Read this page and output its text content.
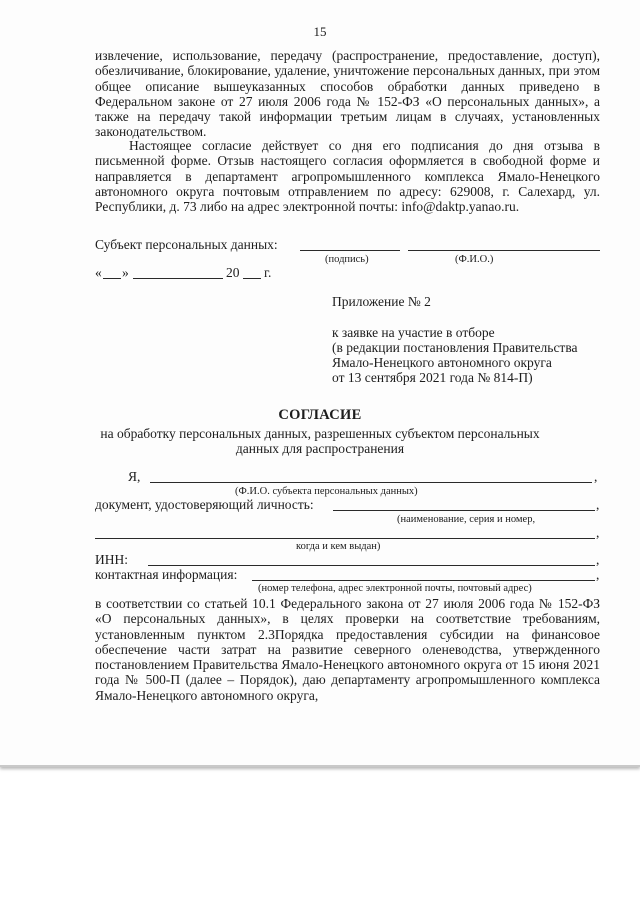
15

извлечение, использование, передачу (распространение, предоставление, доступ), обезличивание, блокирование, удаление, уничтожение персональных данных, при этом общее описание вышеуказанных способов обработки данных приведено в Федеральном законе от 27 июля 2006 года № 152-ФЗ «О персональных данных», а также на передачу такой информации третьим лицам в случаях, установленных законодательством.

Настоящее согласие действует со дня его подписания до дня отзыва в письменной форме. Отзыв настоящего согласия оформляется в свободной форме и направляется в департамент агропромышленного комплекса Ямало-Ненецкого автономного округа почтовым отправлением по адресу: 629008, г. Салехард, ул. Республики, д. 73 либо на адрес электронной почты: info@daktp.yanao.ru.

Субъект персональных данных:
(подпись)	(Ф.И.О.)
« »	20 г.
Приложение № 2
к заявке на участие в отборе
(в редакции постановления Правительства
Ямало-Ненецкого автономного округа
от 13 сентября 2021 года № 814-П)
СОГЛАСИЕ
на обработку персональных данных, разрешенных субъектом персональных
данных для распространения
Я,	,
(Ф.И.О. субъекта персональных данных)
документ, удостоверяющий личность:	,
(наименование, серия и номер,
,
когда и кем выдан)
ИНН:	,
контактная информация:	,
(номер телефона, адрес электронной почты, почтовый адрес)

в соответствии со статьей 10.1 Федерального закона от 27 июля 2006 года № 152-ФЗ «О персональных данных», в целях проверки на соответствие требованиям, установленным пунктом 2.3Порядка предоставления субсидии на финансовое обеспечение части затрат на развитие северного оленеводства, утвержденного постановлением Правительства Ямало-Ненецкого автономного округа от 15 июня 2021 года № 500-П (далее – Порядок), даю департаменту агропромышленного комплекса Ямало-Ненецкого автономного округа,
